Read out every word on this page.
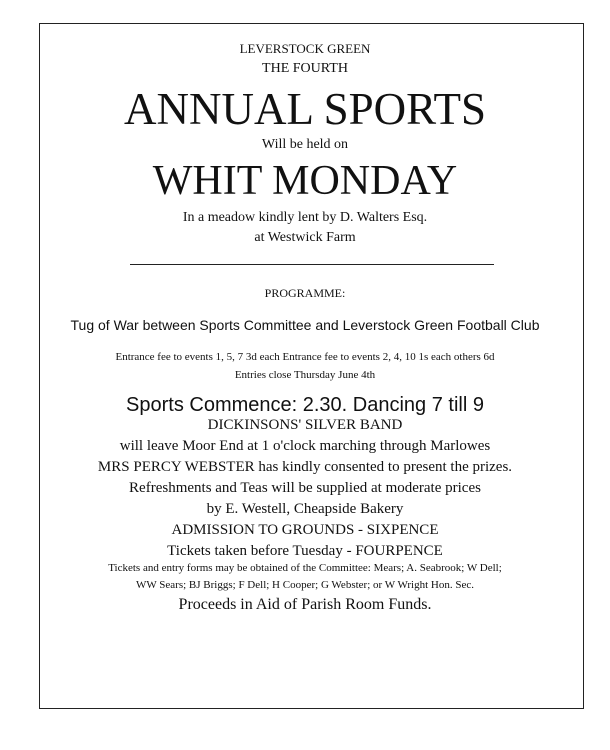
LEVERSTOCK GREEN
THE FOURTH
ANNUAL SPORTS
Will be held on
WHIT MONDAY
In a meadow kindly lent by D. Walters Esq.
at Westwick Farm
PROGRAMME:
Tug of War between Sports Committee and Leverstock Green Football Club
Entrance fee to events 1, 5, 7 3d each Entrance fee to events 2, 4, 10 1s each others 6d
Entries close Thursday June 4th
Sports Commence: 2.30. Dancing 7 till 9
DICKINSONS' SILVER BAND
will leave Moor End at 1 o'clock marching through Marlowes
MRS PERCY WEBSTER has kindly consented to present the prizes.
Refreshments and Teas will be supplied at moderate prices
by E. Westell, Cheapside Bakery
ADMISSION TO GROUNDS - SIXPENCE
Tickets taken before Tuesday - FOURPENCE
Tickets and entry forms may be obtained of the Committee: Mears; A. Seabrook; W Dell;
WW Sears; BJ Briggs; F Dell; H Cooper; G Webster; or W Wright Hon. Sec.
Proceeds in Aid of Parish Room Funds.
